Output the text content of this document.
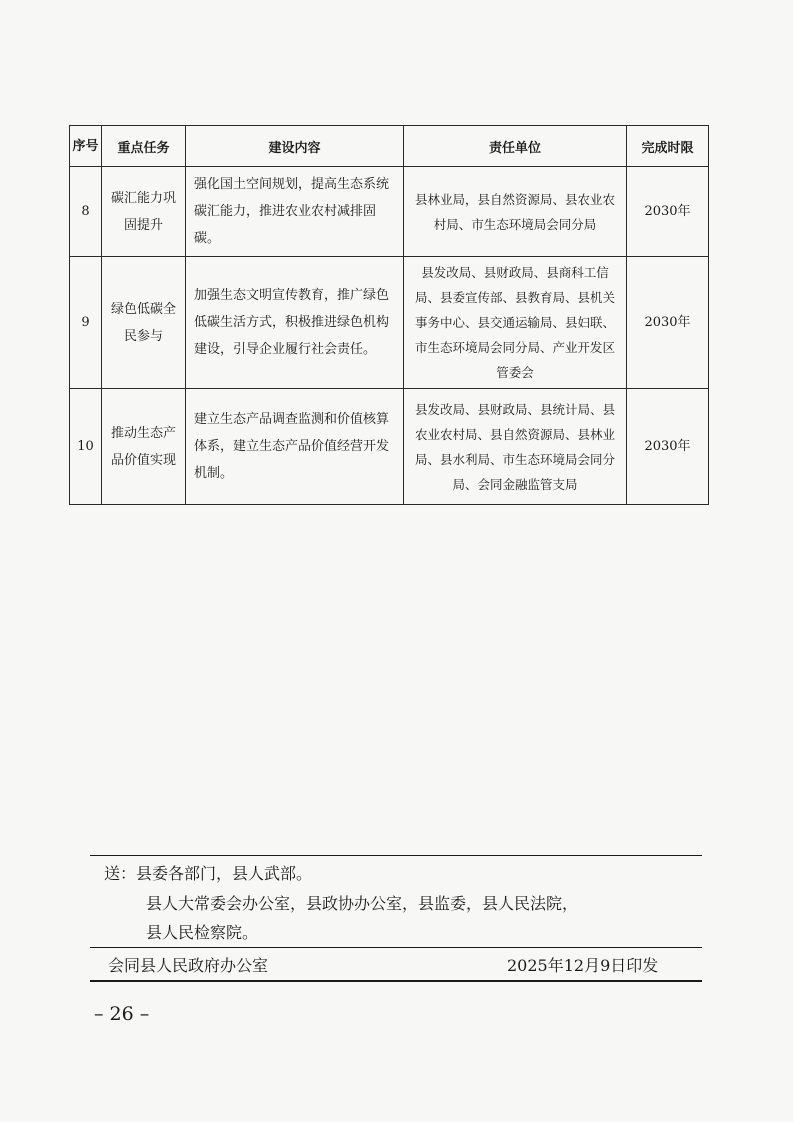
序号	重点任务	建设内容	责任单位	完成时限
8	碳汇能力巩固提升	强化国土空间规划，提高生态系统碳汇能力，推进农业农村减排固碳。	县林业局，县自然资源局、县农业农村局、市生态环境局会同分局	2030年
9	绿色低碳全民参与	加强生态文明宣传教育，推广绿色低碳生活方式，积极推进绿色机构建设，引导企业履行社会责任。	县发改局、县财政局、县商科工信局、县委宣传部、县教育局、县机关事务中心、县交通运输局、县妇联、市生态环境局会同分局、产业开发区管委会	2030年
10	推动生态产品价值实现	建立生态产品调查监测和价值核算体系，建立生态产品价值经营开发机制。	县发改局、县财政局、县统计局、县农业农村局、县自然资源局、县林业局、县水利局、市生态环境局会同分局、会同金融监管支局	2030年
送：县委各部门，县人武部。
县人大常委会办公室，县政协办公室，县监委，县人民法院，
县人民检察院。
会同县人民政府办公室	2025年12月9日印发
– 26 –
